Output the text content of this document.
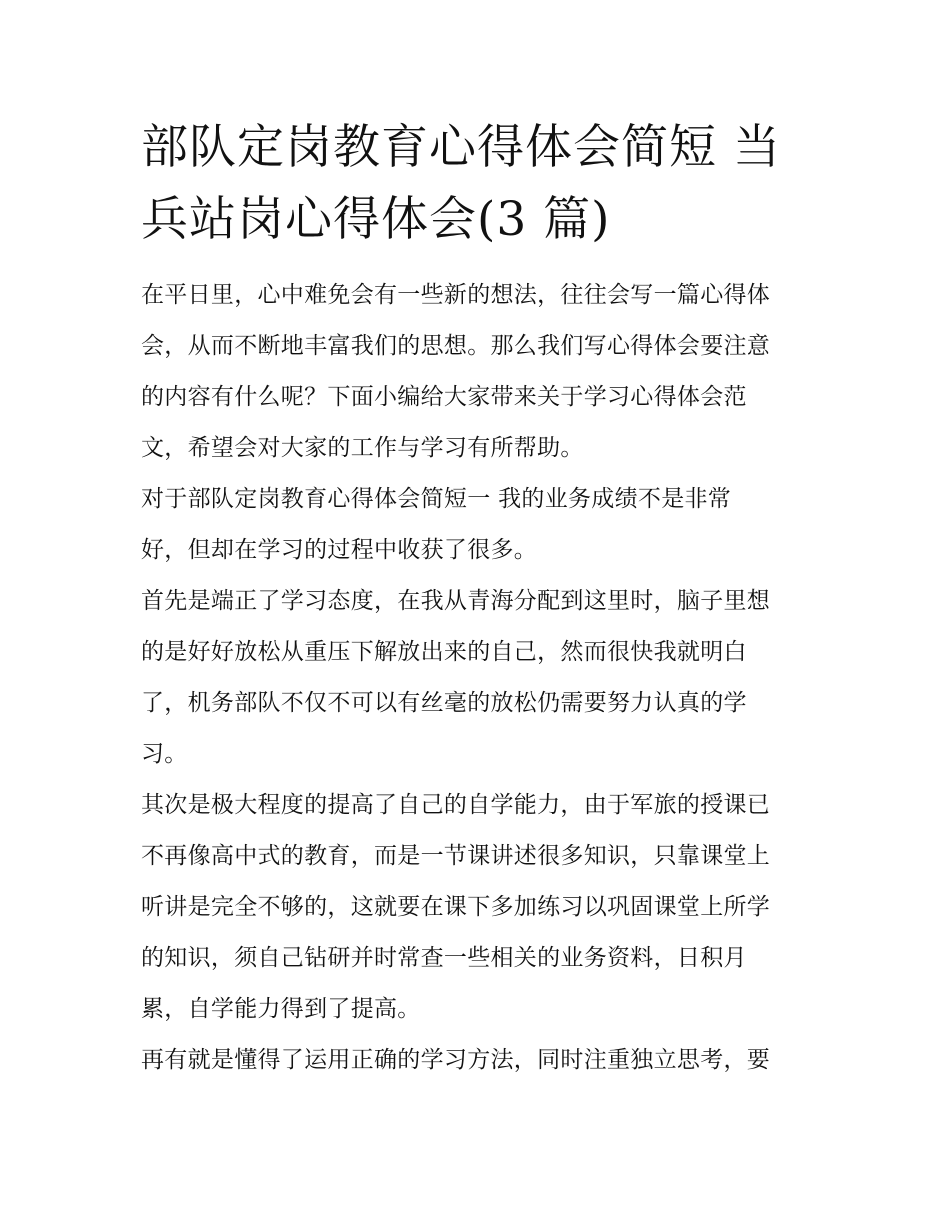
部队定岗教育心得体会简短 当
兵站岗心得体会(3 篇)

在平日里，心中难免会有一些新的想法，往往会写一篇心得体
会，从而不断地丰富我们的思想。那么我们写心得体会要注意
的内容有什么呢？下面小编给大家带来关于学习心得体会范
文，希望会对大家的工作与学习有所帮助。

对于部队定岗教育心得体会简短一 我的业务成绩不是非常
好，但却在学习的过程中收获了很多。

首先是端正了学习态度，在我从青海分配到这里时，脑子里想
的是好好放松从重压下解放出来的自己，然而很快我就明白
了，机务部队不仅不可以有丝毫的放松仍需要努力认真的学
习。

其次是极大程度的提高了自己的自学能力，由于军旅的授课已
不再像高中式的教育，而是一节课讲述很多知识，只靠课堂上
听讲是完全不够的，这就要在课下多加练习以巩固课堂上所学
的知识，须自己钻研并时常查一些相关的业务资料，日积月
累，自学能力得到了提高。

再有就是懂得了运用正确的学习方法，同时注重独立思考，要
